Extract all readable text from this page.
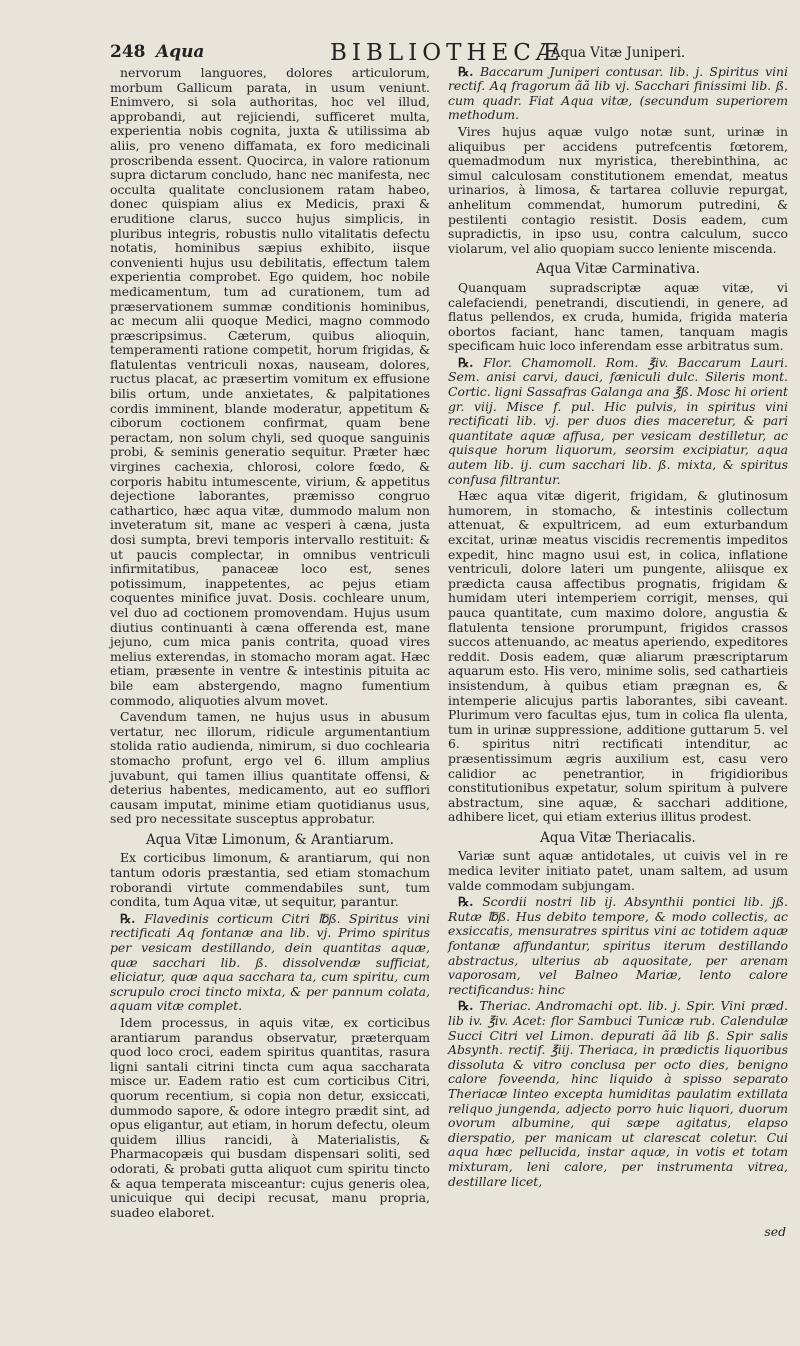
248 Aqua	BIBLIOTHECÆ

nervorum languores, dolores articulorum, morbum Gallicum parata, in usum veniunt. Enimvero, si sola authoritas, hoc vel illud, approbandi, aut rejiciendi, sufficeret multa, experientia nobis cognita, juxta & utilissima ab aliis, pro veneno diffamata, ex foro medicinali proscribenda essent. Quocirca, in valore rationum supra dictarum concludo, hanc nec manifesta, nec occulta qualitate conclusionem ratam habeo, donec quispiam alius ex Medicis, praxi & eruditione clarus, succo hujus simplicis, in pluribus integris, robustis nullo vitalitatis defectu notatis, hominibus sæpius exhibito, iisque convenienti hujus usu debilitatis, effectum talem experientia comprobet. Ego quidem, hoc nobile medicamentum, tum ad curationem, tum ad præservationem summæ conditionis hominibus, ac mecum alii quoque Medici, magno commodo præscripsimus. Cæterum, quibus alioquin, temperamenti ratione competit, horum frigidas, & flatulentas ventriculi noxas, nauseam, dolores, ructus placat, ac præsertim vomitum ex effusione bilis ortum, unde anxietates, & palpitationes cordis imminent, blande moderatur, appetitum & ciborum coctionem confirmat, quam bene peractam, non solum chyli, sed quoque sanguinis probi, & seminis generatio sequitur. Præter hæc virgines cachexia, chlorosi, colore fœdo, & corporis habitu intumescente, virium, & appetitus dejectione laborantes, præmisso congruo cathartico, hæc aqua vitæ, dummodo malum non inveteratum sit, mane ac vesperi à cæna, justa dosi sumpta, brevi temporis intervallo restituit: & ut paucis complectar, in omnibus ventriculi infirmitatibus, panaceæ loco est, senes potissimum, inappetentes, ac pejus etiam coquentes minifice juvat. Dosis. cochleare unum, vel duo ad coctionem promovendam. Hujus usum diutius continuanti à cæna offerenda est, mane jejuno, cum mica panis contrita, quoad vires melius exterendas, in stomacho moram agat. Hæc etiam, præsente in ventre & intestinis pituita ac bile eam abstergendo, magno fumentium commodo, aliquoties alvum movet.

Cavendum tamen, ne hujus usus in abusum vertatur, nec illorum, ridicule argumentantium stolida ratio audienda, nimirum, si duo cochlearia stomacho profunt, ergo vel 6. illum amplius juvabunt, qui tamen illius quantitate offensi, & deterius habentes, medicamento, aut eo sufflori causam imputat, minime etiam quotidianus usus, sed pro necessitate susceptus approbatur.

Aqua Vitæ Limonum, & Arantiarum.

Ex corticibus limonum, & arantiarum, qui non tantum odoris præstantia, sed etiam stomachum roborandi virtute commendabiles sunt, tum condita, tum Aqua vitæ, ut sequitur, parantur.

℞. Flavedinis corticum Citri ℔ß. Spiritus vini rectificati Aq fontanæ ana lib. vj. Primo spiritus per vesicam destillando, dein quantitas aquæ, quæ sacchari lib. ß. dissolvendæ sufficiat, eliciatur, quæ aqua sacchara ta, cum spiritu, cum scrupulo croci tincto mixta, & per pannum colata, aquam vitæ complet.

Idem processus, in aquis vitæ, ex corticibus arantiarum parandus observatur, præterquam quod loco croci, eadem spiritus quantitas, rasura ligni santali citrini tincta cum aqua saccharata misce ur. Eadem ratio est cum corticibus Citri, quorum recentium, si copia non detur, exsiccati, dummodo sapore, & odore integro prædit sint, ad opus eligantur, aut etiam, in horum defectu, oleum quidem illius rancidi, à Materialistis, & Pharmacopæis qui busdam dispensari soliti, sed odorati, & probati gutta aliquot cum spiritu tincto & aqua temperata misceantur: cujus generis olea, unicuique qui decipi recusat, manu propria, suadeo elaboret.

Aqua Vitæ Juniperi.

℞. Baccarum Juniperi contusar. lib. j. Spiritus vini rectif. Aq fragorum ãã lib vj. Sacchari finissimi lib. ß. cum quadr. Fiat Aqua vitæ, (secundum superiorem methodum.

Vires hujus aquæ vulgo notæ sunt, urinæ in aliquibus per accidens putrefcentis fœtorem, quemadmodum nux myristica, therebinthina, ac simul calculosam constitutionem emendat, meatus urinarios, à limosa, & tartarea colluvie repurgat, anhelitum commendat, humorum putredini, & pestilenti contagio resistit. Dosis eadem, cum supradictis, in ipso usu, contra calculum, succo violarum, vel alio quopiam succo leniente miscenda.

Aqua Vitæ Carminativa.

Quanquam supradscriptæ aquæ vitæ, vi calefaciendi, penetrandi, discutiendi, in genere, ad flatus pellendos, ex cruda, humida, frigida materia obortos faciant, hanc tamen, tanquam magis specificam huic loco inferendam esse arbitratus sum.

℞. Flor. Chamomoll. Rom. ℥iv. Baccarum Lauri. Sem. anisi carvi, dauci, fæniculi dulc. Sileris mont. Cortic. ligni Sassafras Galanga ana ℥ß. Mosc hi orient gr. viij. Misce f. pul. Hic pulvis, in spiritus vini rectificati lib. vj. per duos dies maceretur, & pari quantitate aquæ affusa, per vesicam destilletur, ac quisque horum liquorum, seorsim excipiatur, aqua autem lib. ij. cum sacchari lib. ß. mixta, & spiritus confusa filtrantur.

Hæc aqua vitæ digerit, frigidam, & glutinosum humorem, in stomacho, & intestinis collectum attenuat, & expultricem, ad eum exturbandum excitat, urinæ meatus viscidis recrementis impeditos expedit, hinc magno usui est, in colica, inflatione ventriculi, dolore lateri um pungente, aliisque ex prædicta causa affectibus prognatis, frigidam & humidam uteri intemperiem corrigit, menses, qui pauca quantitate, cum maximo dolore, angustia & flatulenta tensione prorumpunt, frigidos crassos succos attenuando, ac meatus aperiendo, expeditores reddit. Dosis eadem, quæ aliarum præscriptarum aquarum esto. His vero, minime solis, sed cathartieis insistendum, à quibus etiam prægnan es, & intemperie alicujus partis laborantes, sibi caveant. Plurimum vero facultas ejus, tum in colica fla ulenta, tum in urinæ suppressione, additione guttarum 5. vel 6. spiritus nitri rectificati intenditur, ac præsentissimum ægris auxilium est, casu vero calidior ac penetrantior, in frigidioribus constitutionibus expetatur, solum spiritum à pulvere abstractum, sine aquæ, & sacchari additione, adhibere licet, qui etiam exterius illitus prodest.

Aqua Vitæ Theriacalis.

Variæ sunt aquæ antidotales, ut cuivis vel in re medica leviter initiato patet, unam saltem, ad usum valde commodam subjungam.

℞. Scordii nostri lib ij. Absynthii pontici lib. jß. Rutæ ℔ß. Hus debito tempore, & modo collectis, ac exsiccatis, mensuratres spiritus vini ac totidem aquæ fontanæ affundantur, spiritus iterum destillando abstractus, ulterius ab aquositate, per arenam vaporosam, vel Balneo Mariæ, lento calore rectificandus: hinc

℞. Theriac. Andromachi opt. lib. j. Spir. Vini præd. lib iv. ℥iv. Acet: flor Sambuci Tunicæ rub. Calendulæ Succi Citri vel Limon. depurati ãã lib ß. Spir salis Absynth. rectif. ℥iij. Theriaca, in prædictis liquoribus dissoluta & vitro conclusa per octo dies, benigno calore foveenda, hinc liquido à spisso separato Theriacæ linteo excepta humiditas paulatim extillata reliquo jungenda, adjecto porro huic liquori, duorum ovorum albumine, qui sæpe agitatus, elapso dierspatio, per manicam ut clarescat coletur. Cui aqua hæc pellucida, instar aquæ, in votis et totam mixturam, leni calore, per instrumenta vitrea, destillare licet,

sed
